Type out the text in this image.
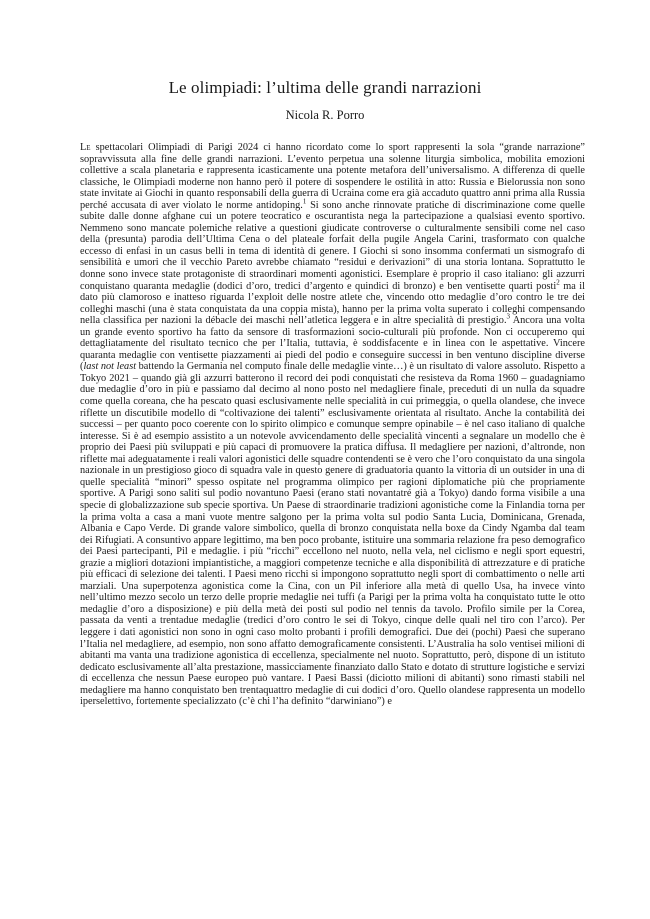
Le olimpiadi: l’ultima delle grandi narrazioni
Nicola R. Porro

Le spettacolari Olimpiadi di Parigi 2024 ci hanno ricordato come lo sport rappresenti la sola “grande narrazione” sopravvissuta alla fine delle grandi narrazioni. L’evento perpetua una solenne liturgia simbolica, mobilita emozioni collettive a scala planetaria e rappresenta icasticamente una potente metafora dell’universalismo. A differenza di quelle classiche, le Olimpiadi moderne non hanno però il potere di sospendere le ostilità in atto: Russia e Bielorussia non sono state invitate ai Giochi in quanto responsabili della guerra di Ucraina come era già accaduto quattro anni prima alla Russia perché accusata di aver violato le norme antidoping.$^1$ Si sono anche rinnovate pratiche di discriminazione come quelle subite dalle donne afghane cui un potere teocratico e oscurantista nega la partecipazione a qualsiasi evento sportivo. Nemmeno sono mancate polemiche relative a questioni giudicate controverse o culturalmente sensibili come nel caso della (presunta) parodia dell’Ultima Cena o del plateale forfait della pugile Angela Carini, trasformato con qualche eccesso di enfasi in un casus belli in tema di identità di genere. I Giochi si sono insomma confermati un sismografo di sensibilità e umori che il vecchio Pareto avrebbe chiamato “residui e derivazioni” di una storia lontana. Soprattutto le donne sono invece state protagoniste di straordinari momenti agonistici. Esemplare è proprio il caso italiano: gli azzurri conquistano quaranta medaglie (dodici d’oro, tredici d’argento e quindici di bronzo) e ben ventisette quarti posti$^2$ ma il dato più clamoroso e inatteso riguarda l’exploit delle nostre atlete che, vincendo otto medaglie d’oro contro le tre dei colleghi maschi (una è stata conquistata da una coppia mista), hanno per la prima volta superato i colleghi compensando nella classifica per nazioni la débacle dei maschi nell’atletica leggera e in altre specialità di prestigio.$^3$ Ancora una volta un grande evento sportivo ha fatto da sensore di trasformazioni socio-culturali più profonde. Non ci occuperemo qui dettagliatamente del risultato tecnico che per l’Italia, tuttavia, è soddisfacente e in linea con le aspettative. Vincere quaranta medaglie con ventisette piazzamenti ai piedi del podio e conseguire successi in ben ventuno discipline diverse (last not least battendo la Germania nel computo finale delle medaglie vinte…) è un risultato di valore assoluto. Rispetto a Tokyo 2021 – quando già gli azzurri batterono il record dei podi conquistati che resisteva da Roma 1960 – guadagniamo due medaglie d’oro in più e passiamo dal decimo al nono posto nel medagliere finale, preceduti di un nulla da squadre come quella coreana, che ha pescato quasi esclusivamente nelle specialità in cui primeggia, o quella olandese, che invece riflette un discutibile modello di “coltivazione dei talenti” esclusivamente orientata al risultato. Anche la contabilità dei successi – per quanto poco coerente con lo spirito olimpico e comunque sempre opinabile – è nel caso italiano di qualche interesse. Si è ad esempio assistito a un notevole avvicendamento delle specialità vincenti a segnalare un modello che è proprio dei Paesi più sviluppati e più capaci di promuovere la pratica diffusa. Il medagliere per nazioni, d’altronde, non riflette mai adeguatamente i reali valori agonistici delle squadre contendenti se è vero che l’oro conquistato da una singola nazionale in un prestigioso gioco di squadra vale in questo genere di graduatoria quanto la vittoria di un outsider in una di quelle specialità “minori” spesso ospitate nel programma olimpico per ragioni diplomatiche più che propriamente sportive. A Parigi sono saliti sul podio novantuno Paesi (erano stati novantatré già a Tokyo) dando forma visibile a una specie di globalizzazione sub specie sportiva. Un Paese di straordinarie tradizioni agonistiche come la Finlandia torna per la prima volta a casa a mani vuote mentre salgono per la prima volta sul podio Santa Lucia, Dominicana, Grenada, Albania e Capo Verde. Di grande valore simbolico, quella di bronzo conquistata nella boxe da Cindy Ngamba dal team dei Rifugiati. A consuntivo appare legittimo, ma ben poco probante, istituire una sommaria relazione fra peso demografico dei Paesi partecipanti, Pil e medaglie. i più “ricchi” eccellono nel nuoto, nella vela, nel ciclismo e negli sport equestri, grazie a migliori dotazioni impiantistiche, a maggiori competenze tecniche e alla disponibilità di attrezzature e di pratiche più efficaci di selezione dei talenti. I Paesi meno ricchi si impongono soprattutto negli sport di combattimento o nelle arti marziali. Una superpotenza agonistica come la Cina, con un Pil inferiore alla metà di quello Usa, ha invece vinto nell’ultimo mezzo secolo un terzo delle proprie medaglie nei tuffi (a Parigi per la prima volta ha conquistato tutte le otto medaglie d’oro a disposizione) e più della metà dei posti sul podio nel tennis da tavolo. Profilo simile per la Corea, passata da venti a trentadue medaglie (tredici d’oro contro le sei di Tokyo, cinque delle quali nel tiro con l’arco). Per leggere i dati agonistici non sono in ogni caso molto probanti i profili demografici. Due dei (pochi) Paesi che superano l’Italia nel medagliere, ad esempio, non sono affatto demograficamente consistenti. L’Australia ha solo ventisei milioni di abitanti ma vanta una tradizione agonistica di eccellenza, specialmente nel nuoto. Soprattutto, però, dispone di un istituto dedicato esclusivamente all’alta prestazione, massicciamente finanziato dallo Stato e dotato di strutture logistiche e servizi di eccellenza che nessun Paese europeo può vantare. I Paesi Bassi (diciotto milioni di abitanti) sono rimasti stabili nel medagliere ma hanno conquistato ben trentaquattro medaglie di cui dodici d’oro. Quello olandese rappresenta un modello iperselettivo, fortemente specializzato (c’è chi l’ha definito “darwiniano”) e
